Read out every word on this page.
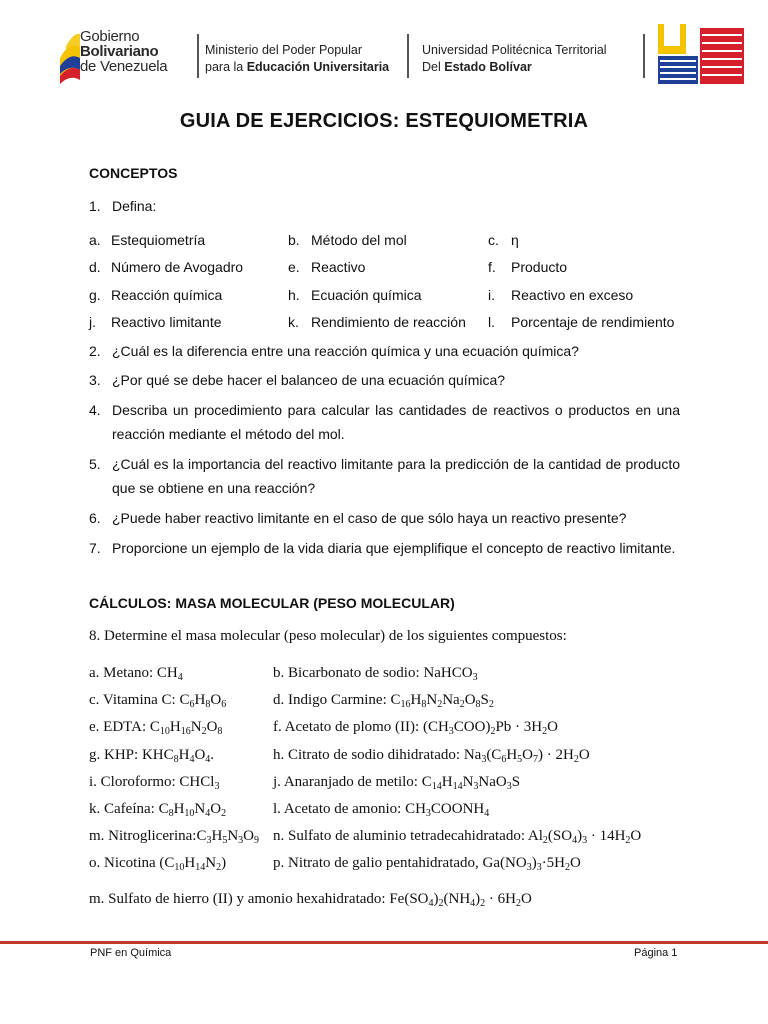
Gobierno
Bolivariano
de Venezuela
Ministerio del Poder Popular
para la Educación Universitaria
Universidad Politécnica Territorial
Del Estado Bolívar
GUIA DE EJERCICIOS: ESTEQUIOMETRIA
CONCEPTOS
1. Defina:
a. Estequiometría	b. Método del mol	c. η
d. Número de Avogadro	e. Reactivo	f. Producto
g. Reacción química	h. Ecuación química	i. Reactivo en exceso
j. Reactivo limitante	k. Rendimiento de reacción l. Porcentaje de rendimiento
2. ¿Cuál es la diferencia entre una reacción química y una ecuación química?
3. ¿Por qué se debe hacer el balanceo de una ecuación química?
4. Describa un procedimiento para calcular las cantidades de reactivos o productos en una reacción mediante el método del mol.
5. ¿Cuál es la importancia del reactivo limitante para la predicción de la cantidad de producto que se obtiene en una reacción?
6. ¿Puede haber reactivo limitante en el caso de que sólo haya un reactivo presente?
7. Proporcione un ejemplo de la vida diaria que ejemplifique el concepto de reactivo limitante.
CÁLCULOS: MASA MOLECULAR (PESO MOLECULAR)
8. Determine el masa molecular (peso molecular) de los siguientes compuestos:
a. Metano: $CH_4$	b. Bicarbonato de sodio: NaHCO$_3$
c. Vitamina C: $C_6H_8O_6$	d. Indigo Carmine: $C_{16}H_8N_2Na_2O_8S_2$
e. EDTA: $C_{10}H_{16}N_2O_8$	f. Acetato de plomo (II): $(CH_3COO)_2Pb \cdot 3H_2O$
g. KHP: $KHC_8H_4O_4$.	h. Citrato de sodio dihidratado: $Na_3(C_6H_5O_7) \cdot 2H_2O$
i. Cloroformo: CHCl$_3$	j. Anaranjado de metilo: $C_{14}H_{14}N_3NaO_3S$
k. Cafeína: $C_8H_{10}N_4O_2$	l. Acetato de amonio: $CH_3COONH_4$
m. $Nitroglicerina:C_3H_5N_3O_9$ n. Sulfato de aluminio tetradecahidratado: $Al_2(SO_4)_3 \cdot 14H_2O$
o. Nicotina $(C_{10}H_{14}N_2)$	p. Nitrato de galio pentahidratado, $Ga(NO_3)_3\cdot 5H_2O$
m. Sulfato de hierro (II) y amonio hexahidratado: $Fe(SO_4)_2(NH_4)_2 \cdot 6H_2O$
PNF en Química	Página 1
